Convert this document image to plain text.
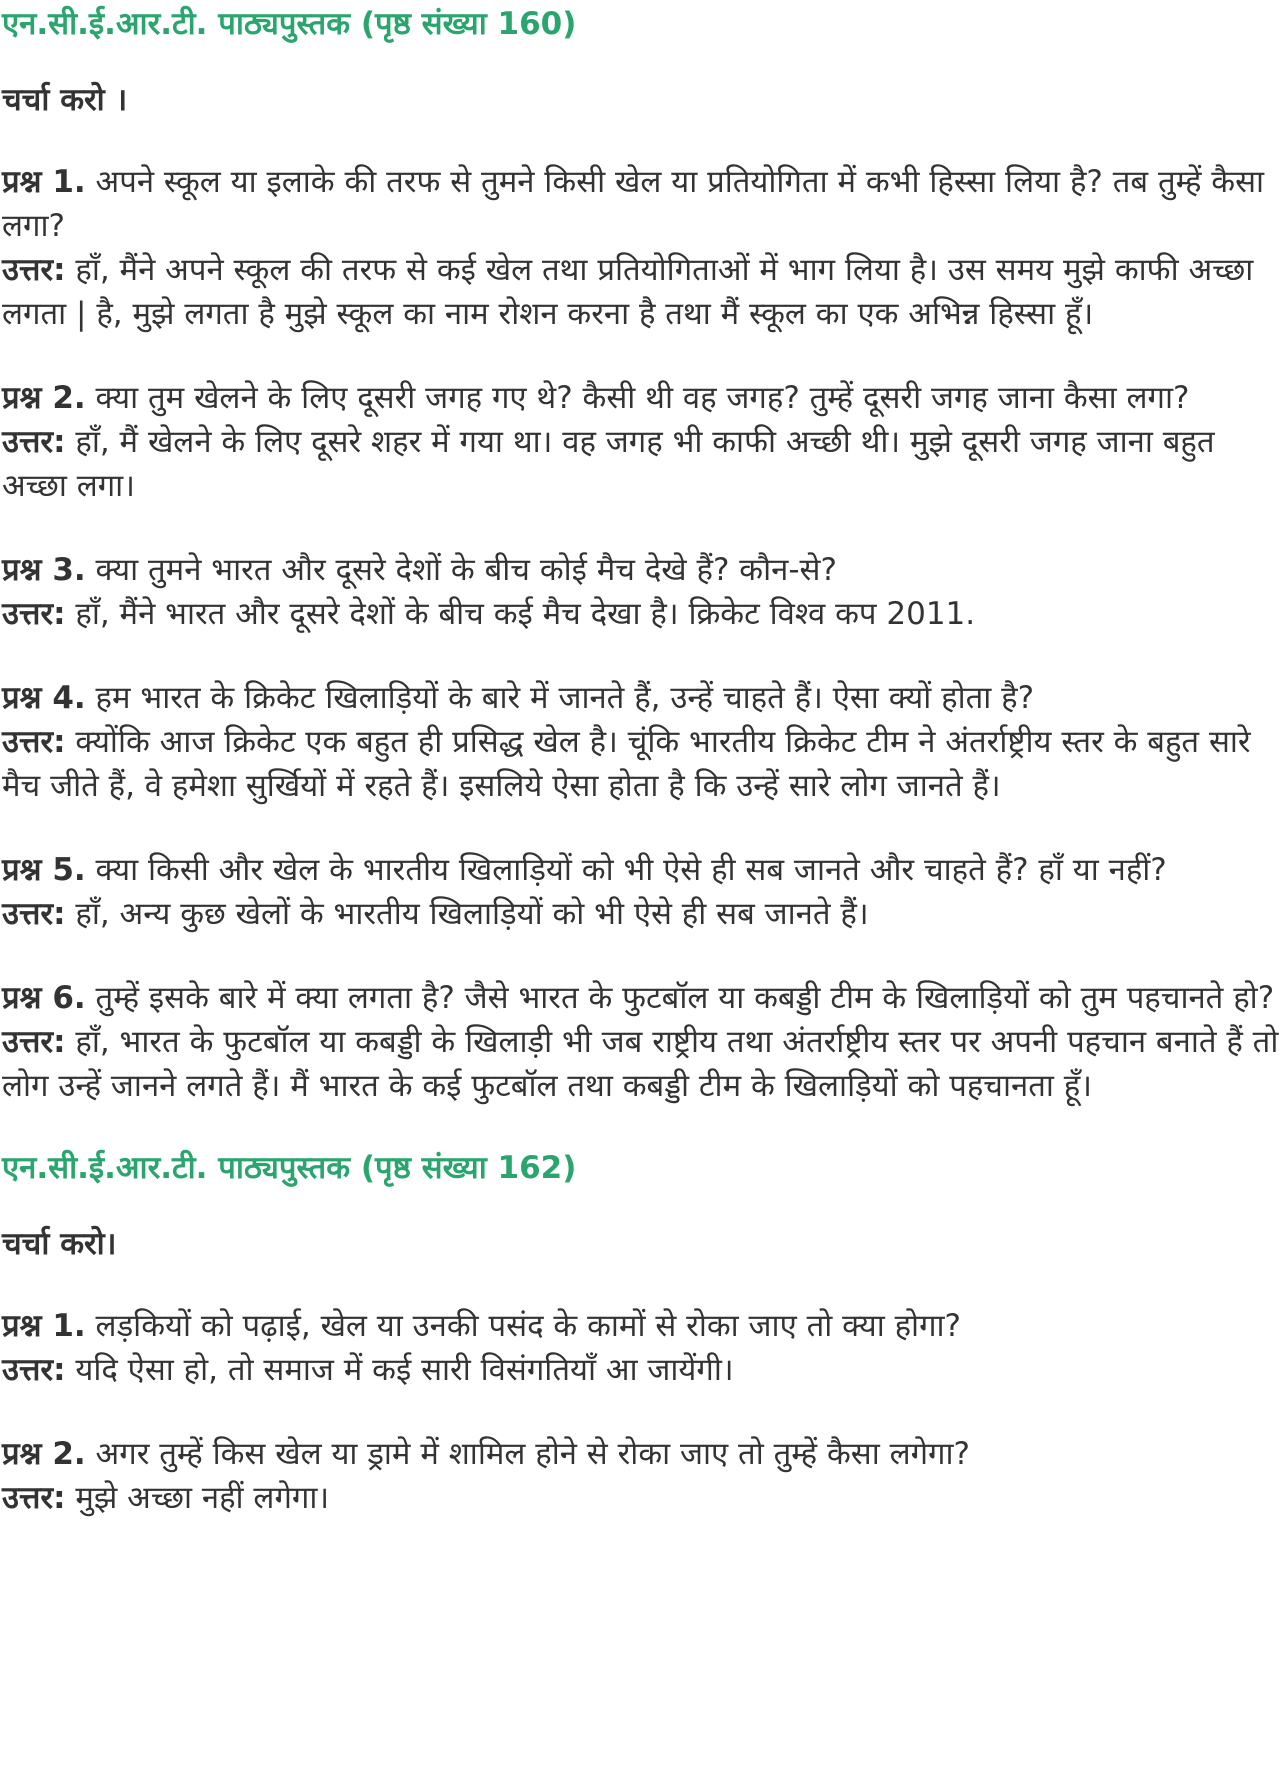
एन.सी.ई.आर.टी. पाठ्यपुस्तक (पृष्ठ संख्या 160)
चर्चा करो ।

प्रश्न 1. अपने स्कूल या इलाके की तरफ से तुमने किसी खेल या प्रतियोगिता में कभी हिस्सा लिया है? तब तुम्हें कैसा लगा?

उत्तर: हाँ, मैंने अपने स्कूल की तरफ से कई खेल तथा प्रतियोगिताओं में भाग लिया है। उस समय मुझे काफी अच्छा लगता | है, मुझे लगता है मुझे स्कूल का नाम रोशन करना है तथा मैं स्कूल का एक अभिन्न हिस्सा हूँ।

प्रश्न 2. क्या तुम खेलने के लिए दूसरी जगह गए थे? कैसी थी वह जगह? तुम्हें दूसरी जगह जाना कैसा लगा?

उत्तर: हाँ, मैं खेलने के लिए दूसरे शहर में गया था। वह जगह भी काफी अच्छी थी। मुझे दूसरी जगह जाना बहुत अच्छा लगा।

प्रश्न 3. क्या तुमने भारत और दूसरे देशों के बीच कोई मैच देखे हैं? कौन-से?

उत्तर: हाँ, मैंने भारत और दूसरे देशों के बीच कई मैच देखा है। क्रिकेट विश्व कप 2011.

प्रश्न 4. हम भारत के क्रिकेट खिलाड़ियों के बारे में जानते हैं, उन्हें चाहते हैं। ऐसा क्यों होता है?

उत्तर: क्योंकि आज क्रिकेट एक बहुत ही प्रसिद्ध खेल है। चूंकि भारतीय क्रिकेट टीम ने अंतर्राष्ट्रीय स्तर के बहुत सारे मैच जीते हैं, वे हमेशा सुर्खियों में रहते हैं। इसलिये ऐसा होता है कि उन्हें सारे लोग जानते हैं।

प्रश्न 5. क्या किसी और खेल के भारतीय खिलाड़ियों को भी ऐसे ही सब जानते और चाहते हैं? हाँ या नहीं?

उत्तर: हाँ, अन्य कुछ खेलों के भारतीय खिलाड़ियों को भी ऐसे ही सब जानते हैं।

प्रश्न 6. तुम्हें इसके बारे में क्या लगता है? जैसे भारत के फुटबॉल या कबड्डी टीम के खिलाड़ियों को तुम पहचानते हो?

उत्तर: हाँ, भारत के फुटबॉल या कबड्डी के खिलाड़ी भी जब राष्ट्रीय तथा अंतर्राष्ट्रीय स्तर पर अपनी पहचान बनाते हैं तो लोग उन्हें जानने लगते हैं। मैं भारत के कई फुटबॉल तथा कबड्डी टीम के खिलाड़ियों को पहचानता हूँ।

एन.सी.ई.आर.टी. पाठ्यपुस्तक (पृष्ठ संख्या 162)
चर्चा करो।

प्रश्न 1. लड़कियों को पढ़ाई, खेल या उनकी पसंद के कामों से रोका जाए तो क्या होगा?

उत्तर: यदि ऐसा हो, तो समाज में कई सारी विसंगतियाँ आ जायेंगी।

प्रश्न 2. अगर तुम्हें किस खेल या ड्रामे में शामिल होने से रोका जाए तो तुम्हें कैसा लगेगा?

उत्तर: मुझे अच्छा नहीं लगेगा।
